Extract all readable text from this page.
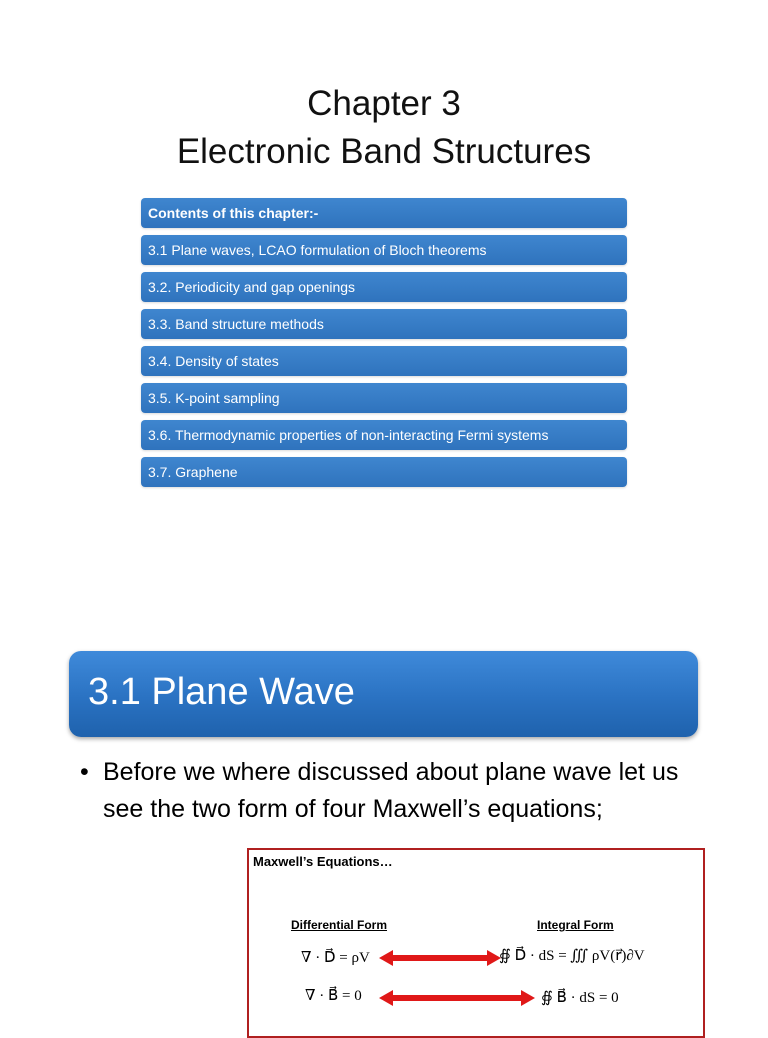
Chapter 3
Electronic Band Structures
Contents of this chapter:-
3.1 Plane waves, LCAO formulation of Bloch theorems
3.2. Periodicity and gap openings
3.3. Band structure methods
3.4. Density of states
3.5. K-point sampling
3.6. Thermodynamic properties of non-interacting Fermi systems
3.7. Graphene
3.1 Plane Wave
• Before we where discussed about plane wave let us see the two form of four Maxwell’s equations;
Maxwell’s Equations…
Differential Form	Integral Form
∇ · D⃗ = ρV	∯ D⃗ · dS = ∭ ρV(r⃗)∂V
∇ · B⃗ = 0	∯ B⃗ · dS = 0
